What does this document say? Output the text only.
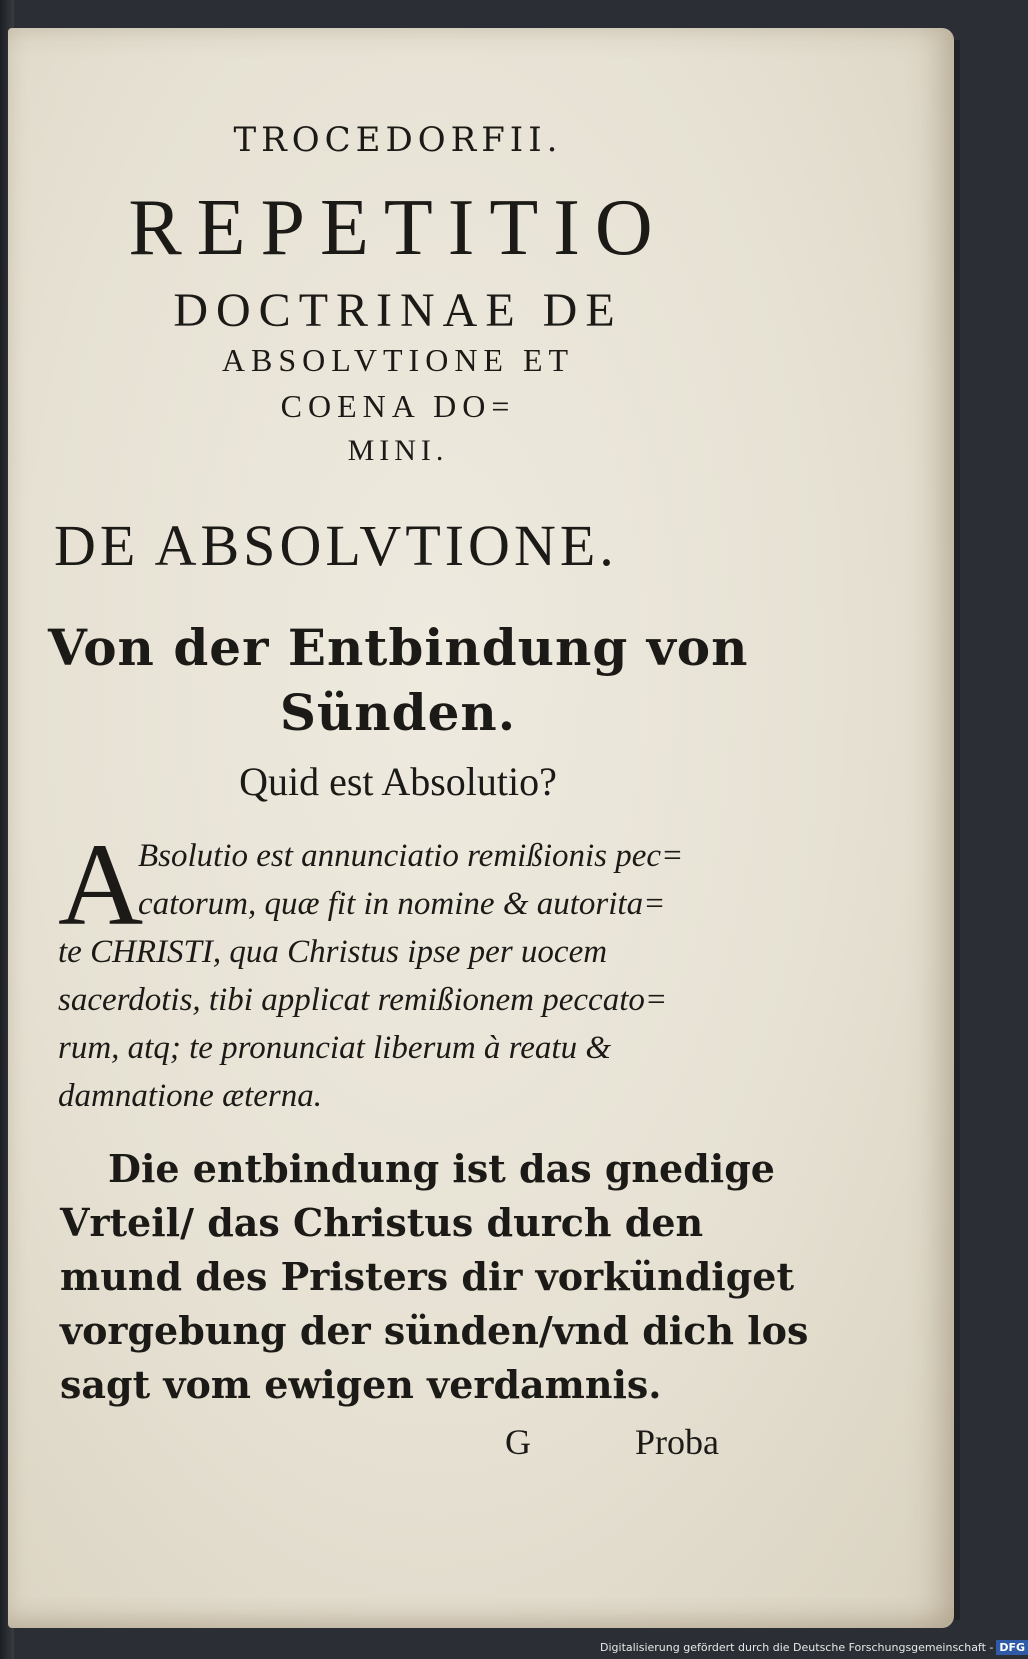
TROCEDORFII.
REPETITIO
DOCTRINAE DE
ABSOLVTIONE ET
COENA DO=
MINI.
DE ABSOLVTIONE.
Von der Entbindung von
Sünden.
Quid est Absolutio?
A
Bsolutio est annunciatio remißionis pec=
catorum, quæ fit in nomine & autorita=
te CHRISTI, qua Christus ipse per uocem
sacerdotis, tibi applicat remißionem peccato=
rum, atq; te pronunciat liberum à reatu &
damnatione æterna.
Die entbindung ist das gnedige
Vrteil/ das Christus durch den
mund des Pristers dir vorkündiget
vorgebung der sünden/vnd dich los
sagt vom ewigen verdamnis.
G	Proba
Digitalisierung gefördert durch die Deutsche Forschungsgemeinschaft - DFG
